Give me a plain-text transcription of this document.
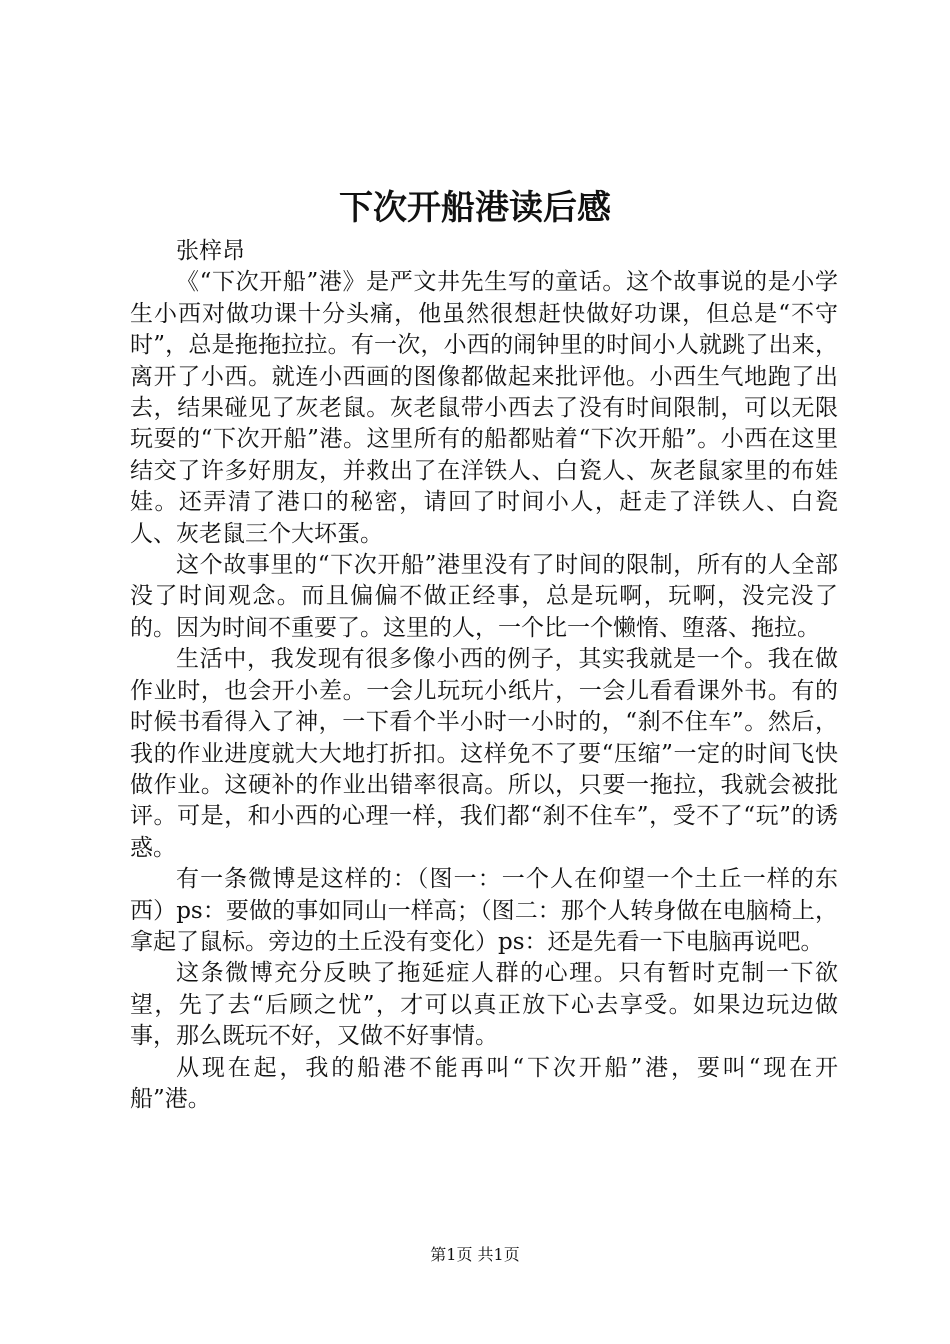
下次开船港读后感

张梓昂

《“下次开船”港》是严文井先生写的童话。这个故事说的是小学生小西对做功课十分头痛，他虽然很想赶快做好功课，但总是“不守时”，总是拖拖拉拉。有一次，小西的闹钟里的时间小人就跳了出来，离开了小西。就连小西画的图像都做起来批评他。小西生气地跑了出去，结果碰见了灰老鼠。灰老鼠带小西去了没有时间限制，可以无限玩耍的“下次开船”港。这里所有的船都贴着“下次开船”。小西在这里结交了许多好朋友，并救出了在洋铁人、白瓷人、灰老鼠家里的布娃娃。还弄清了港口的秘密，请回了时间小人，赶走了洋铁人、白瓷人、灰老鼠三个大坏蛋。

这个故事里的“下次开船”港里没有了时间的限制，所有的人全部没了时间观念。而且偏偏不做正经事，总是玩啊，玩啊，没完没了的。因为时间不重要了。这里的人，一个比一个懒惰、堕落、拖拉。

生活中，我发现有很多像小西的例子，其实我就是一个。我在做作业时，也会开小差。一会儿玩玩小纸片，一会儿看看课外书。有的时候书看得入了神，一下看个半小时一小时的，“刹不住车”。然后，我的作业进度就大大地打折扣。这样免不了要“压缩”一定的时间飞快做作业。这硬补的作业出错率很高。所以，只要一拖拉，我就会被批评。可是，和小西的心理一样，我们都“刹不住车”，受不了“玩”的诱惑。

有一条微博是这样的：（图一：一个人在仰望一个土丘一样的东西）ps：要做的事如同山一样高；（图二：那个人转身做在电脑椅上，拿起了鼠标。旁边的土丘没有变化）ps：还是先看一下电脑再说吧。

这条微博充分反映了拖延症人群的心理。只有暂时克制一下欲望，先了去“后顾之忧”，才可以真正放下心去享受。如果边玩边做事，那么既玩不好，又做不好事情。

从现在起，我的船港不能再叫“下次开船”港，要叫“现在开船”港。

第1页 共1页
